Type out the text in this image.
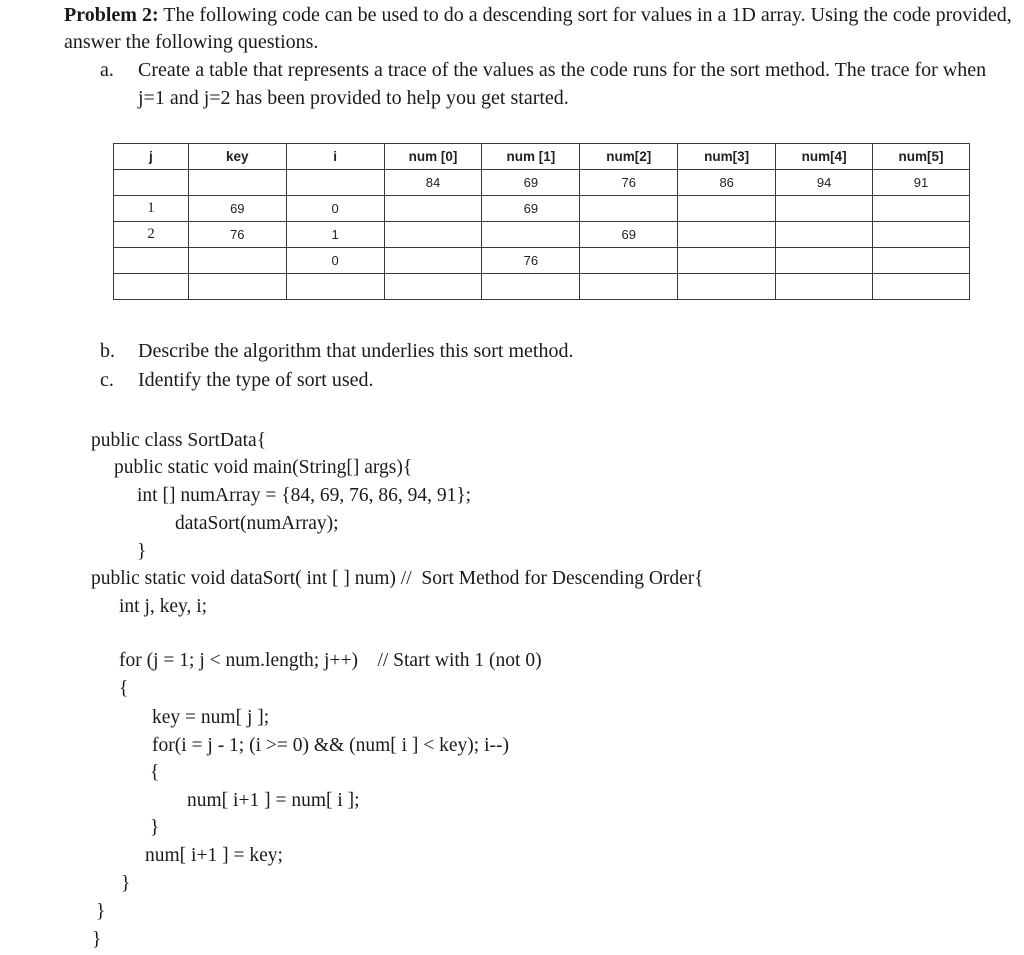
Problem 2: The following code can be used to do a descending sort for values in a 1D array. Using the code provided, answer the following questions.
a.	Create a table that represents a trace of the values as the code runs for the sort method. The trace for when j=1 and j=2 has been provided to help you get started.
j	key	i	num [0]	num [1]	num[2]	num[3]	num[4]	num[5]
			84	69	76	86	94	91
1	69	0		69				
2	76	1			69			
		0		76				

b.	Describe the algorithm that underlies this sort method.
c.	Identify the type of sort used.
public class SortData{
public static void main(String[] args){
int [] numArray = {84, 69, 76, 86, 94, 91};
dataSort(numArray);
}
public static void dataSort( int [ ] num) //  Sort Method for Descending Order{
int j, key, i;
for (j = 1; j < num.length; j++)    // Start with 1 (not 0)
{
key = num[ j ];
for(i = j - 1; (i >= 0) && (num[ i ] < key); i--)
{
num[ i+1 ] = num[ i ];
}
num[ i+1 ] = key;
}
}
}
